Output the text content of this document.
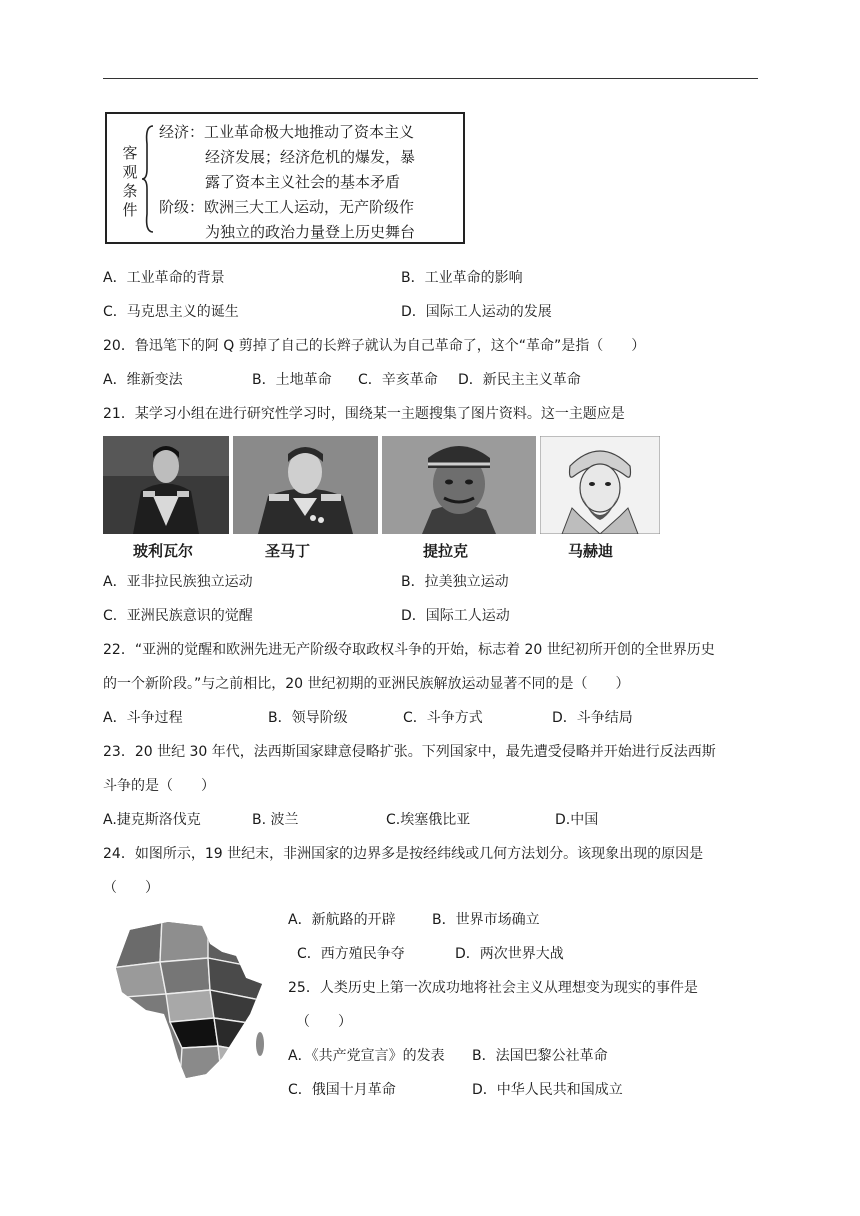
客
观
条
件
经济：工业革命极大地推动了资本主义
经济发展；经济危机的爆发，暴
露了资本主义社会的基本矛盾
阶级：欧洲三大工人运动，无产阶级作
为独立的政治力量登上历史舞台
A．工业革命的背景	B．工业革命的影响
C．马克思主义的诞生	D．国际工人运动的发展
20．鲁迅笔下的阿 Q 剪掉了自己的长辫子就认为自己革命了，这个“革命”是指（　　）
A．维新变法	B．土地革命 C．辛亥革命 D．新民主主义革命
21．某学习小组在进行研究性学习时，围绕某一主题搜集了图片资料。这一主题应是
玻利瓦尔	圣马丁	提拉克	马赫迪
A．亚非拉民族独立运动	B．拉美独立运动
C．亚洲民族意识的觉醒	D．国际工人运动
22．“亚洲的觉醒和欧洲先进无产阶级夺取政权斗争的开始，标志着 20 世纪初所开创的全世界历史
的一个新阶段。”与之前相比，20 世纪初期的亚洲民族解放运动显著不同的是（　　）
A．斗争过程	B．领导阶级	C．斗争方式	D．斗争结局
23．20 世纪 30 年代，法西斯国家肆意侵略扩张。下列国家中，最先遭受侵略并开始进行反法西斯
斗争的是（　　）
A.捷克斯洛伐克	B. 波兰	C.埃塞俄比亚	D.中国
24．如图所示，19 世纪末，非洲国家的边界多是按经纬线或几何方法划分。该现象出现的原因是
（　　）
A．新航路的开辟	B．世界市场确立
C．西方殖民争夺	D．两次世界大战
25．人类历史上第一次成功地将社会主义从理想变为现实的事件是
（　　）
A．《共产党宣言》的发表 B．法国巴黎公社革命
C．俄国十月革命	D．中华人民共和国成立
